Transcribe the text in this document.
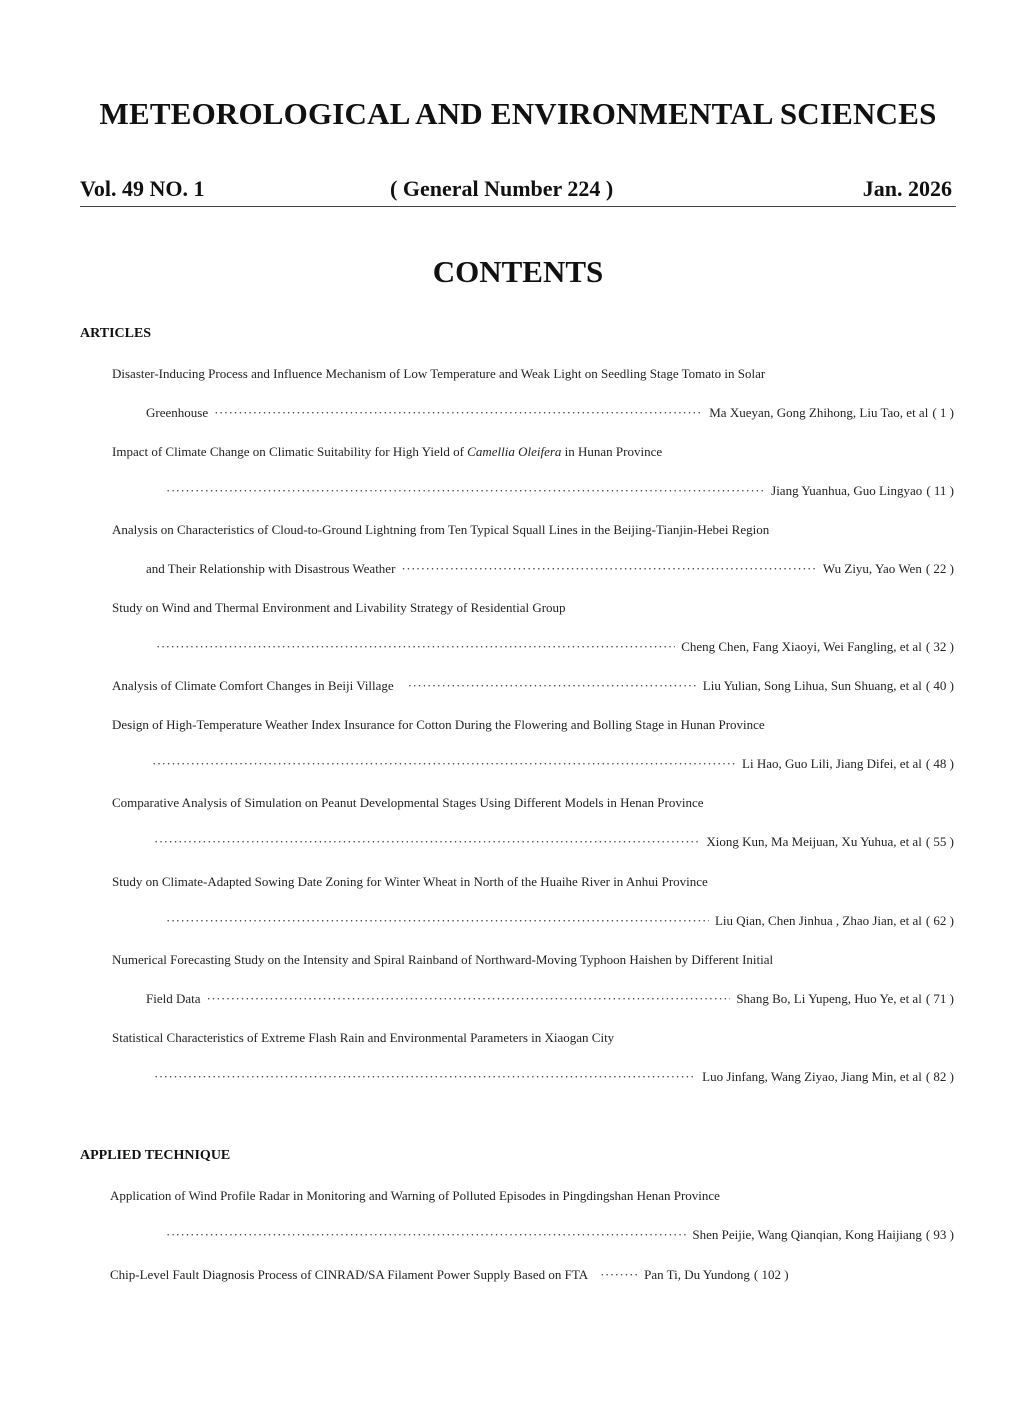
METEOROLOGICAL AND ENVIRONMENTAL SCIENCES
Vol. 49 NO. 1	( General Number 224 )	Jan. 2026
CONTENTS
ARTICLES
Disaster-Inducing Process and Influence Mechanism of Low Temperature and Weak Light on Seedling Stage Tomato in Solar
Greenhouse ·····	Ma Xueyan, Gong Zhihong, Liu Tao, et al ( 1 )
Impact of Climate Change on Climatic Suitability for High Yield of Camellia Oleifera in Hunan Province
·····
Jiang Yuanhua, Guo Lingyao ( 11 )
Analysis on Characteristics of Cloud-to-Ground Lightning from Ten Typical Squall Lines in the Beijing-Tianjin-Hebei Region
and Their Relationship with Disastrous Weather ·····	Wu Ziyu, Yao Wen ( 22 )
Study on Wind and Thermal Environment and Livability Strategy of Residential Group
·····
Cheng Chen, Fang Xiaoyi, Wei Fangling, et al ( 32 )
Analysis of Climate Comfort Changes in Beiji Village ·····	Liu Yulian, Song Lihua, Sun Shuang, et al ( 40 )
Design of High-Temperature Weather Index Insurance for Cotton During the Flowering and Bolling Stage in Hunan Province
·····
Li Hao, Guo Lili, Jiang Difei, et al ( 48 )
Comparative Analysis of Simulation on Peanut Developmental Stages Using Different Models in Henan Province
·····
Xiong Kun, Ma Meijuan, Xu Yuhua, et al ( 55 )
Study on Climate-Adapted Sowing Date Zoning for Winter Wheat in North of the Huaihe River in Anhui Province
·····
Liu Qian, Chen Jinhua , Zhao Jian, et al ( 62 )
Numerical Forecasting Study on the Intensity and Spiral Rainband of Northward-Moving Typhoon Haishen by Different Initial
Field Data ·····	Shang Bo, Li Yupeng, Huo Ye, et al ( 71 )
Statistical Characteristics of Extreme Flash Rain and Environmental Parameters in Xiaogan City
·····
Luo Jinfang, Wang Ziyao, Jiang Min, et al ( 82 )
APPLIED TECHNIQUE
Application of Wind Profile Radar in Monitoring and Warning of Polluted Episodes in Pingdingshan Henan Province
·····
Shen Peijie, Wang Qianqian, Kong Haijiang ( 93 )
Chip-Level Fault Diagnosis Process of CINRAD/SA Filament Power Supply Based on FTA ·····	Pan Ti, Du Yundong ( 102 )
